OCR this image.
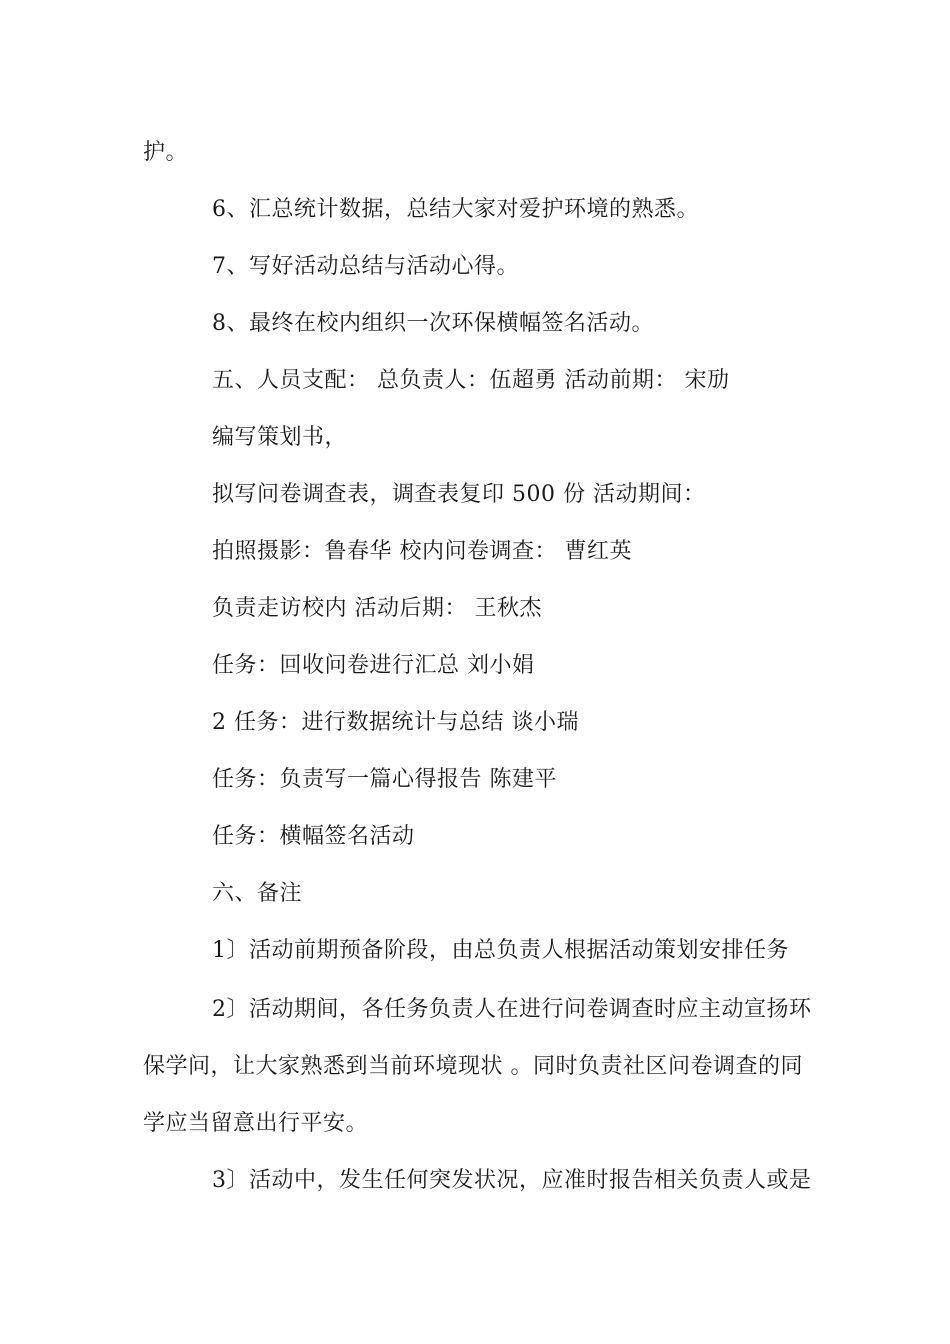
护。
6、汇总统计数据，总结大家对爱护环境的熟悉。
7、写好活动总结与活动心得。
8、最终在校内组织一次环保横幅签名活动。
五、人员支配： 总负责人：伍超勇 活动前期： 宋劢
编写策划书，
拟写问卷调查表，调查表复印 500 份 活动期间：
拍照摄影：鲁春华 校内问卷调查： 曹红英
负责走访校内 活动后期： 王秋杰
任务：回收问卷进行汇总 刘小娟
2 任务：进行数据统计与总结 谈小瑞
任务：负责写一篇心得报告 陈建平
任务：横幅签名活动
六、备注
1〕活动前期预备阶段，由总负责人根据活动策划安排任务
2〕活动期间，各任务负责人在进行问卷调查时应主动宣扬环
保学问，让大家熟悉到当前环境现状 。同时负责社区问卷调查的同
学应当留意出行平安。
3〕活动中，发生任何突发状况，应准时报告相关负责人或是
